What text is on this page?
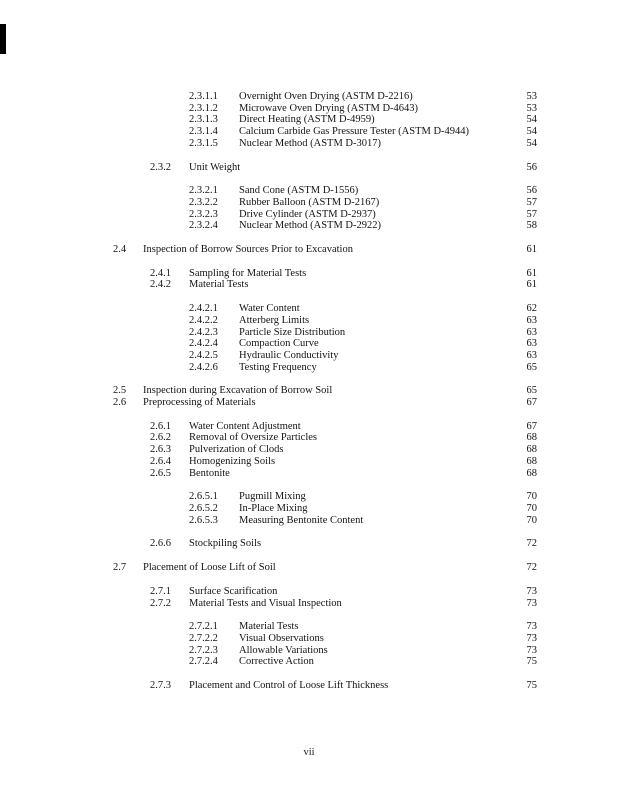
2.3.1.1	Overnight Oven Drying (ASTM D-2216)	53
2.3.1.2	Microwave Oven Drying (ASTM D-4643)	53
2.3.1.3	Direct Heating (ASTM D-4959)	54
2.3.1.4	Calcium Carbide Gas Pressure Tester (ASTM D-4944)	54
2.3.1.5	Nuclear Method (ASTM D-3017)	54
2.3.2	Unit Weight	56
2.3.2.1	Sand Cone (ASTM D-1556)	56
2.3.2.2	Rubber Balloon (ASTM D-2167)	57
2.3.2.3	Drive Cylinder (ASTM D-2937)	57
2.3.2.4	Nuclear Method (ASTM D-2922)	58
2.4	Inspection of Borrow Sources Prior to Excavation	61
2.4.1	Sampling for Material Tests	61
2.4.2	Material Tests	61
2.4.2.1	Water Content	62
2.4.2.2	Atterberg Limits	63
2.4.2.3	Particle Size Distribution	63
2.4.2.4	Compaction Curve	63
2.4.2.5	Hydraulic Conductivity	63
2.4.2.6	Testing Frequency	65
2.5	Inspection during Excavation of Borrow Soil	65
2.6	Preprocessing of Materials	67
2.6.1	Water Content Adjustment	67
2.6.2	Removal of Oversize Particles	68
2.6.3	Pulverization of Clods	68
2.6.4	Homogenizing Soils	68
2.6.5	Bentonite	68
2.6.5.1	Pugmill Mixing	70
2.6.5.2	In-Place Mixing	70
2.6.5.3	Measuring Bentonite Content	70
2.6.6	Stockpiling Soils	72
2.7	Placement of Loose Lift of Soil	72
2.7.1	Surface Scarification	73
2.7.2	Material Tests and Visual Inspection	73
2.7.2.1	Material Tests	73
2.7.2.2	Visual Observations	73
2.7.2.3	Allowable Variations	73
2.7.2.4	Corrective Action	75
2.7.3	Placement and Control of Loose Lift Thickness	75
vii
